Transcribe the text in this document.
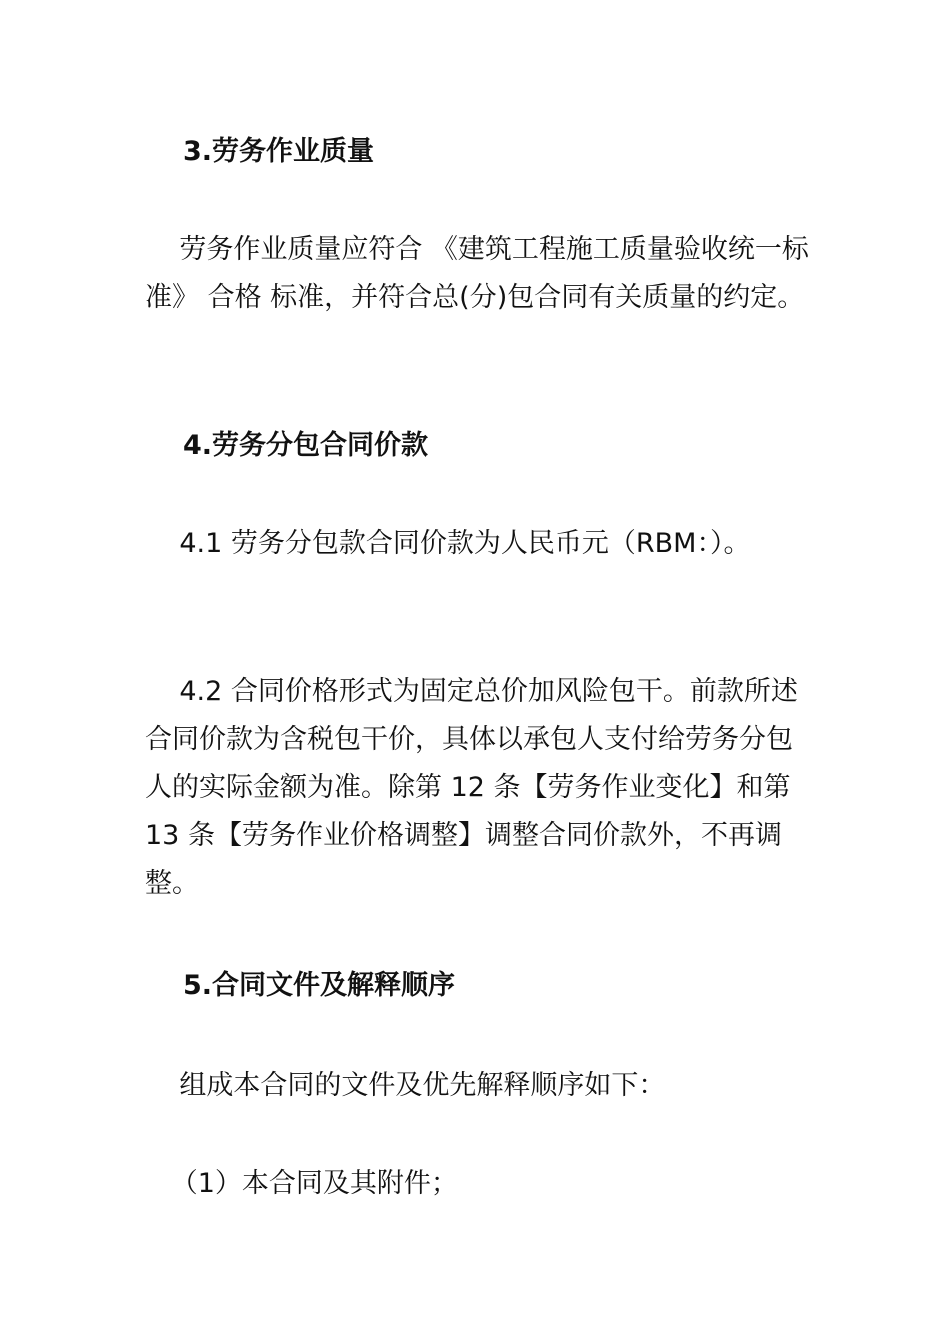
3.劳务作业质量
劳务作业质量应符合 《建筑工程施工质量验收统一标准》 合格 标准，并符合总(分)包合同有关质量的约定。
4.劳务分包合同价款
4.1 劳务分包款合同价款为人民币元（RBM：）。
4.2 合同价格形式为固定总价加风险包干。前款所述合同价款为含税包干价，具体以承包人支付给劳务分包人的实际金额为准。除第 12 条【劳务作业变化】和第 13 条【劳务作业价格调整】调整合同价款外，不再调整。
5.合同文件及解释顺序
组成本合同的文件及优先解释顺序如下：
（1）本合同及其附件；
